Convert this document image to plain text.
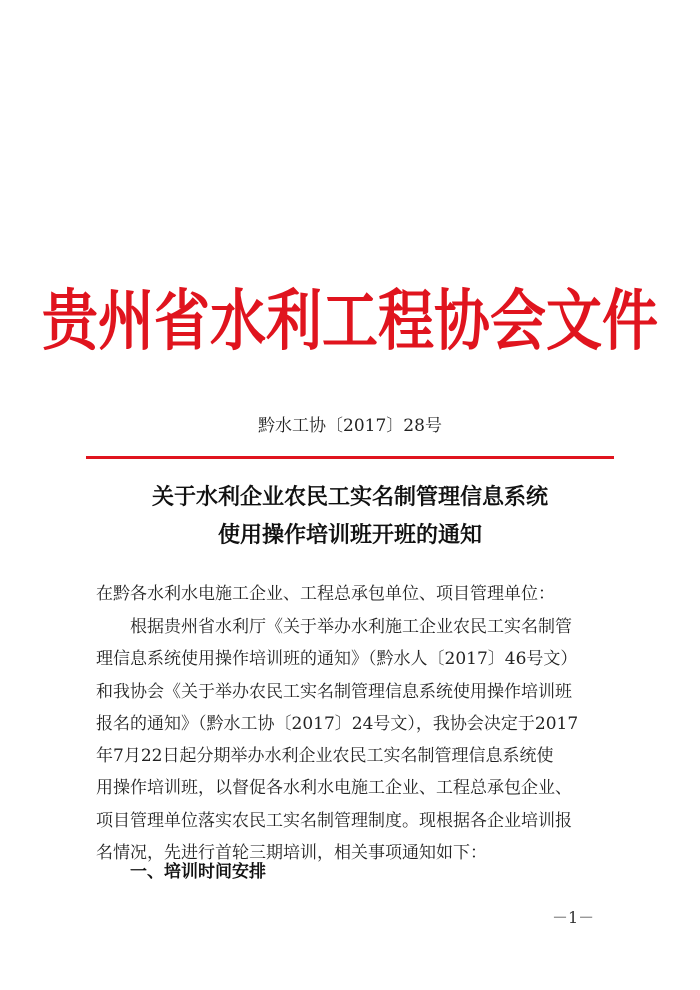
贵州省水利工程协会文件
黔水工协〔2017〕28号
关于水利企业农民工实名制管理信息系统
使用操作培训班开班的通知
在黔各水利水电施工企业、工程总承包单位、项目管理单位：
根据贵州省水利厅《关于举办水利施工企业农民工实名制管
理信息系统使用操作培训班的通知》（黔水人〔2017〕46号文）
和我协会《关于举办农民工实名制管理信息系统使用操作培训班
报名的通知》（黔水工协〔2017〕24号文），我协会决定于2017
年7月22日起分期举办水利企业农民工实名制管理信息系统使
用操作培训班，以督促各水利水电施工企业、工程总承包企业、
项目管理单位落实农民工实名制管理制度。现根据各企业培训报
名情况，先进行首轮三期培训，相关事项通知如下：
一、培训时间安排
－1－
